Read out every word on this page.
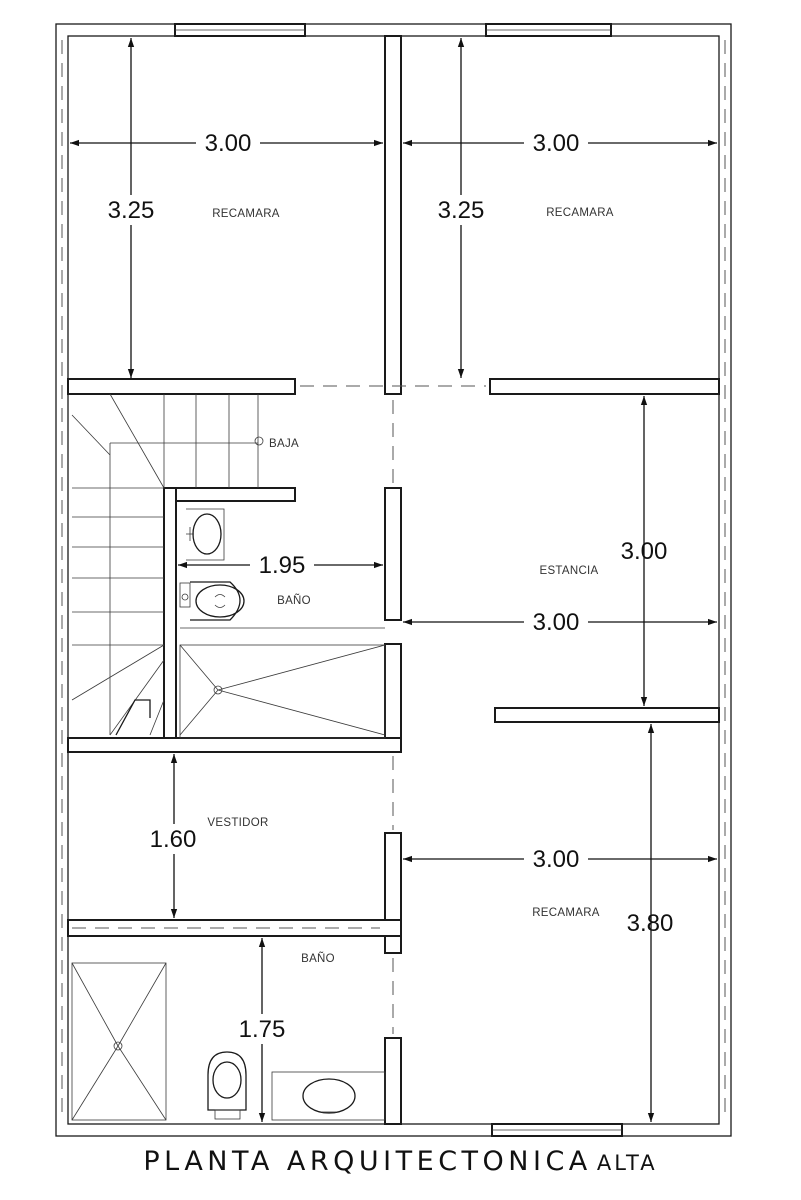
3.00
3.25
3.00
3.25
1.95
3.00
3.00
1.60
3.00
3.80
1.75
RECAMARA	RECAMARA
BAJA
BAÑO
ESTANCIA
VESTIDOR
RECAMARA
BAÑO
PLANTA ARQUITECTONICA ALTA
